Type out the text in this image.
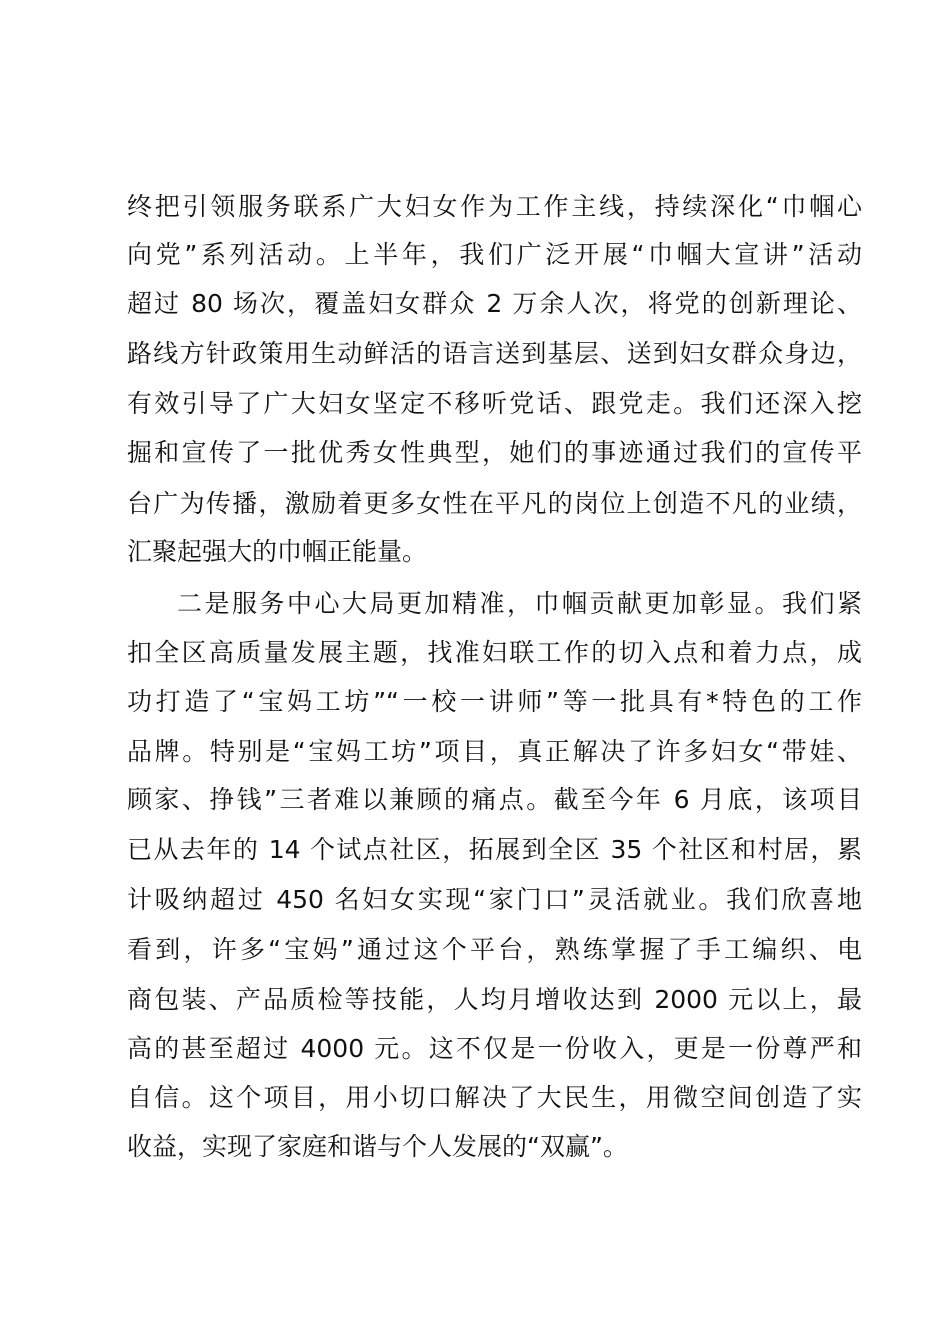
终把引领服务联系广大妇女作为工作主线，持续深化“巾帼心
向党”系列活动。上半年，我们广泛开展“巾帼大宣讲”活动
超过 80 场次，覆盖妇女群众 2 万余人次，将党的创新理论、
路线方针政策用生动鲜活的语言送到基层、送到妇女群众身边，
有效引导了广大妇女坚定不移听党话、跟党走。我们还深入挖
掘和宣传了一批优秀女性典型，她们的事迹通过我们的宣传平
台广为传播，激励着更多女性在平凡的岗位上创造不凡的业绩，
汇聚起强大的巾帼正能量。
二是服务中心大局更加精准，巾帼贡献更加彰显。我们紧
扣全区高质量发展主题，找准妇联工作的切入点和着力点，成
功打造了“宝妈工坊”“一校一讲师”等一批具有*特色的工作
品牌。特别是“宝妈工坊”项目，真正解决了许多妇女“带娃、
顾家、挣钱”三者难以兼顾的痛点。截至今年 6 月底，该项目
已从去年的 14 个试点社区，拓展到全区 35 个社区和村居，累
计吸纳超过 450 名妇女实现“家门口”灵活就业。我们欣喜地
看到，许多“宝妈”通过这个平台，熟练掌握了手工编织、电
商包装、产品质检等技能，人均月增收达到 2000 元以上，最
高的甚至超过 4000 元。这不仅是一份收入，更是一份尊严和
自信。这个项目，用小切口解决了大民生，用微空间创造了实
收益，实现了家庭和谐与个人发展的“双赢”。
